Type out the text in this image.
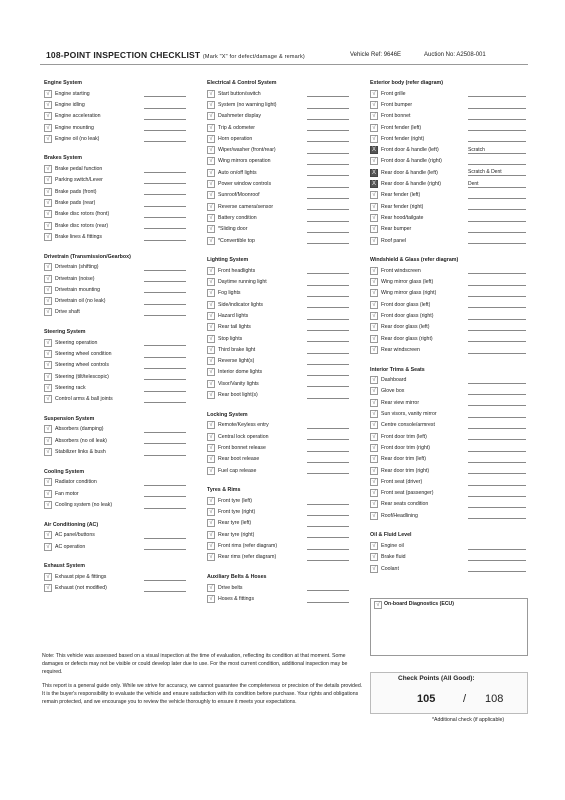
108-POINT INSPECTION CHECKLIST (Mark "X" for defect/damage & remark)	Vehicle Ref: 9646E	Auction No: A2508-001
Engine System
√	Engine starting
√	Engine idling
√	Engine acceleration
√	Engine mounting
√	Engine oil (no leak)
Brakes System
√	Brake pedal function
√	Parking switch/Lever
√	Brake pads (front)
√	Brake pads (rear)
√	Brake disc rotors (front)
√	Brake disc rotors (rear)
√	Brake lines & fittings
Drivetrain (Transmission/Gearbox)
√	Drivetrain (shifting)
√	Drivetrain (noise)
√	Drivetrain mounting
√	Drivetrain oil (no leak)
√	Drive shaft
Steering System
√	Steering operation
√	Steering wheel condition
√	Steering wheel controls
√	Steering (tilt/telescopic)
√	Steering rack
√	Control arms & ball joints
Suspension System
√	Absorbers (damping)
√	Absorbers (no oil leak)
√	Stabilizer links & bush
Cooling System
√	Radiator condition
√	Fan motor
√	Cooling system (no leak)
Air Conditioning (AC)
√	AC panel/buttons
√	AC operation
Exhaust System
√	Exhaust pipe & fittings
√	Exhaust (not modified)
Electrical & Control System
√	Start button/switch
√	System (no warning light)
√	Dashmeter display
√	Trip & odometer
√	Horn operation
√	Wiper/washer (front/rear)
√	Wing mirrors operation
√	Auto on/off lights
√	Power window controls
√	Sunroof/Moonroof
√	Reverse camera/sensor
√	Battery condition
√	*Sliding door
√	*Convertible top
Lighting System
√	Front headlights
√	Daytime running light
√	Fog lights
√	Side/indicator lights
√	Hazard lights
√	Rear tail lights
√	Stop lights
√	Third brake light
√	Reverse light(s)
√	Interior dome lights
√	Visor/Vanity lights
√	Rear boot light(s)
Locking System
√	Remote/Keyless entry
√	Central lock operation
√	Front bonnet release
√	Rear boot release
√	Fuel cap release
Tyres & Rims
√	Front tyre (left)
√	Front tyre (right)
√	Rear tyre (left)
√	Rear tyre (right)
√	Front rims (refer diagram)
√	Rear rims (refer diagram)
Auxiliary Belts & Hoses
√	Drive belts
√	Hoses & fittings
Exterior body (refer diagram)
√	Front grille
√	Front bumper
√	Front bonnet
√	Front fender (left)
√	Front fender (right)
X Front door & handle (left)	Scratch
√	Front door & handle (right)
X Rear door & handle (left)	Scratch & Dent
X Rear door & handle (right)	Dent
√	Rear fender (left)
√	Rear fender (right)
√	Rear hood/tailgate
√	Rear bumper
√	Roof panel
Windshield & Glass (refer diagram)
√	Front windscreen
√	Wing mirror glass (left)
√	Wing mirror glass (right)
√	Front door glass (left)
√	Front door glass (right)
√	Rear door glass (left)
√	Rear door glass (right)
√	Rear windscreen
Interior Trims & Seats
√	Dashboard
√	Glove box
√	Rear view mirror
√	Sun visors, vanity mirror
√	Centre console/armrest
√	Front door trim (left)
√	Front door trim (right)
√	Rear door trim (left)
√	Rear door trim (right)
√	Front seat (driver)
√	Front seat (passenger)
√	Rear seats condition
√	Roof/Headlining
Oil & Fluid Level
√	Engine oil
√	Brake fluid
√	Coolant
√ On-board Diagnostics (ECU)

Note: This vehicle was assessed based on a visual inspection at the time of evaluation, reflecting its condition at that moment. Some damages or defects may not be visible or could develop later due to use. For the most current condition, additional inspection may be required.

This report is a general guide only. While we strive for accuracy, we cannot guarantee the completeness or precision of the details provided. It is the buyer's responsibility to evaluate the vehicle and ensure satisfaction with its condition before purchase. Your rights and obligations remain protected, and we encourage you to review the vehicle thoroughly to ensure it meets your expectations.

Check Points (All Good):
105	/ 108
*Additional check (if applicable)
